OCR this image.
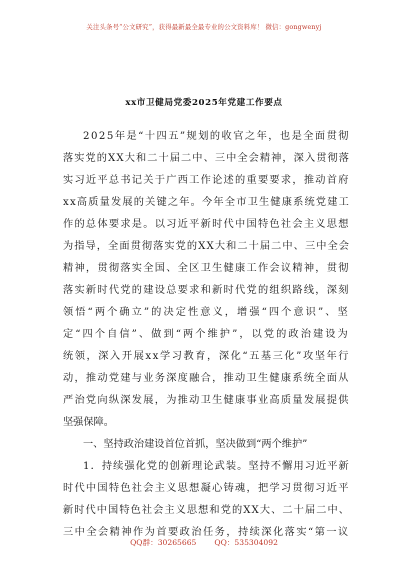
关注头条号“公文研究”，获得最新最全最专业的公文资料库！ 微信：gongwenyj
xx市卫健局党委2025年党建工作要点
2025年是“十四五”规划的收官之年，也是全面贯彻
落实党的XX大和二十届二中、三中全会精神，深入贯彻落
实习近平总书记关于广西工作论述的重要要求，推动首府
xx高质量发展的关键之年。今年全市卫生健康系统党建工
作的总体要求是。以习近平新时代中国特色社会主义思想
为指导，全面贯彻落实党的XX大和二十届二中、三中全会
精神，贯彻落实全国、全区卫生健康工作会议精神，贯彻
落实新时代党的建设总要求和新时代党的组织路线，深刻
领悟“两个确立”的决定性意义，增强“四个意识”、坚
定“四个自信”、做到“两个维护”，以党的政治建设为
统领，深入开展xx学习教育，深化“五基三化”攻坚年行
动，推动党建与业务深度融合，推动卫生健康系统全面从
严治党向纵深发展，为推动卫生健康事业高质量发展提供
坚强保障。
一、坚持政治建设首位首抓，坚决做到“两个维护”
1．持续强化党的创新理论武装。坚持不懈用习近平新
时代中国特色社会主义思想凝心铸魂，把学习贯彻习近平
新时代中国特色社会主义思想和党的XX大、二十届二中、
三中全会精神作为首要政治任务，持续深化落实“第一议
QQ群：30265665 QQ：535304092
